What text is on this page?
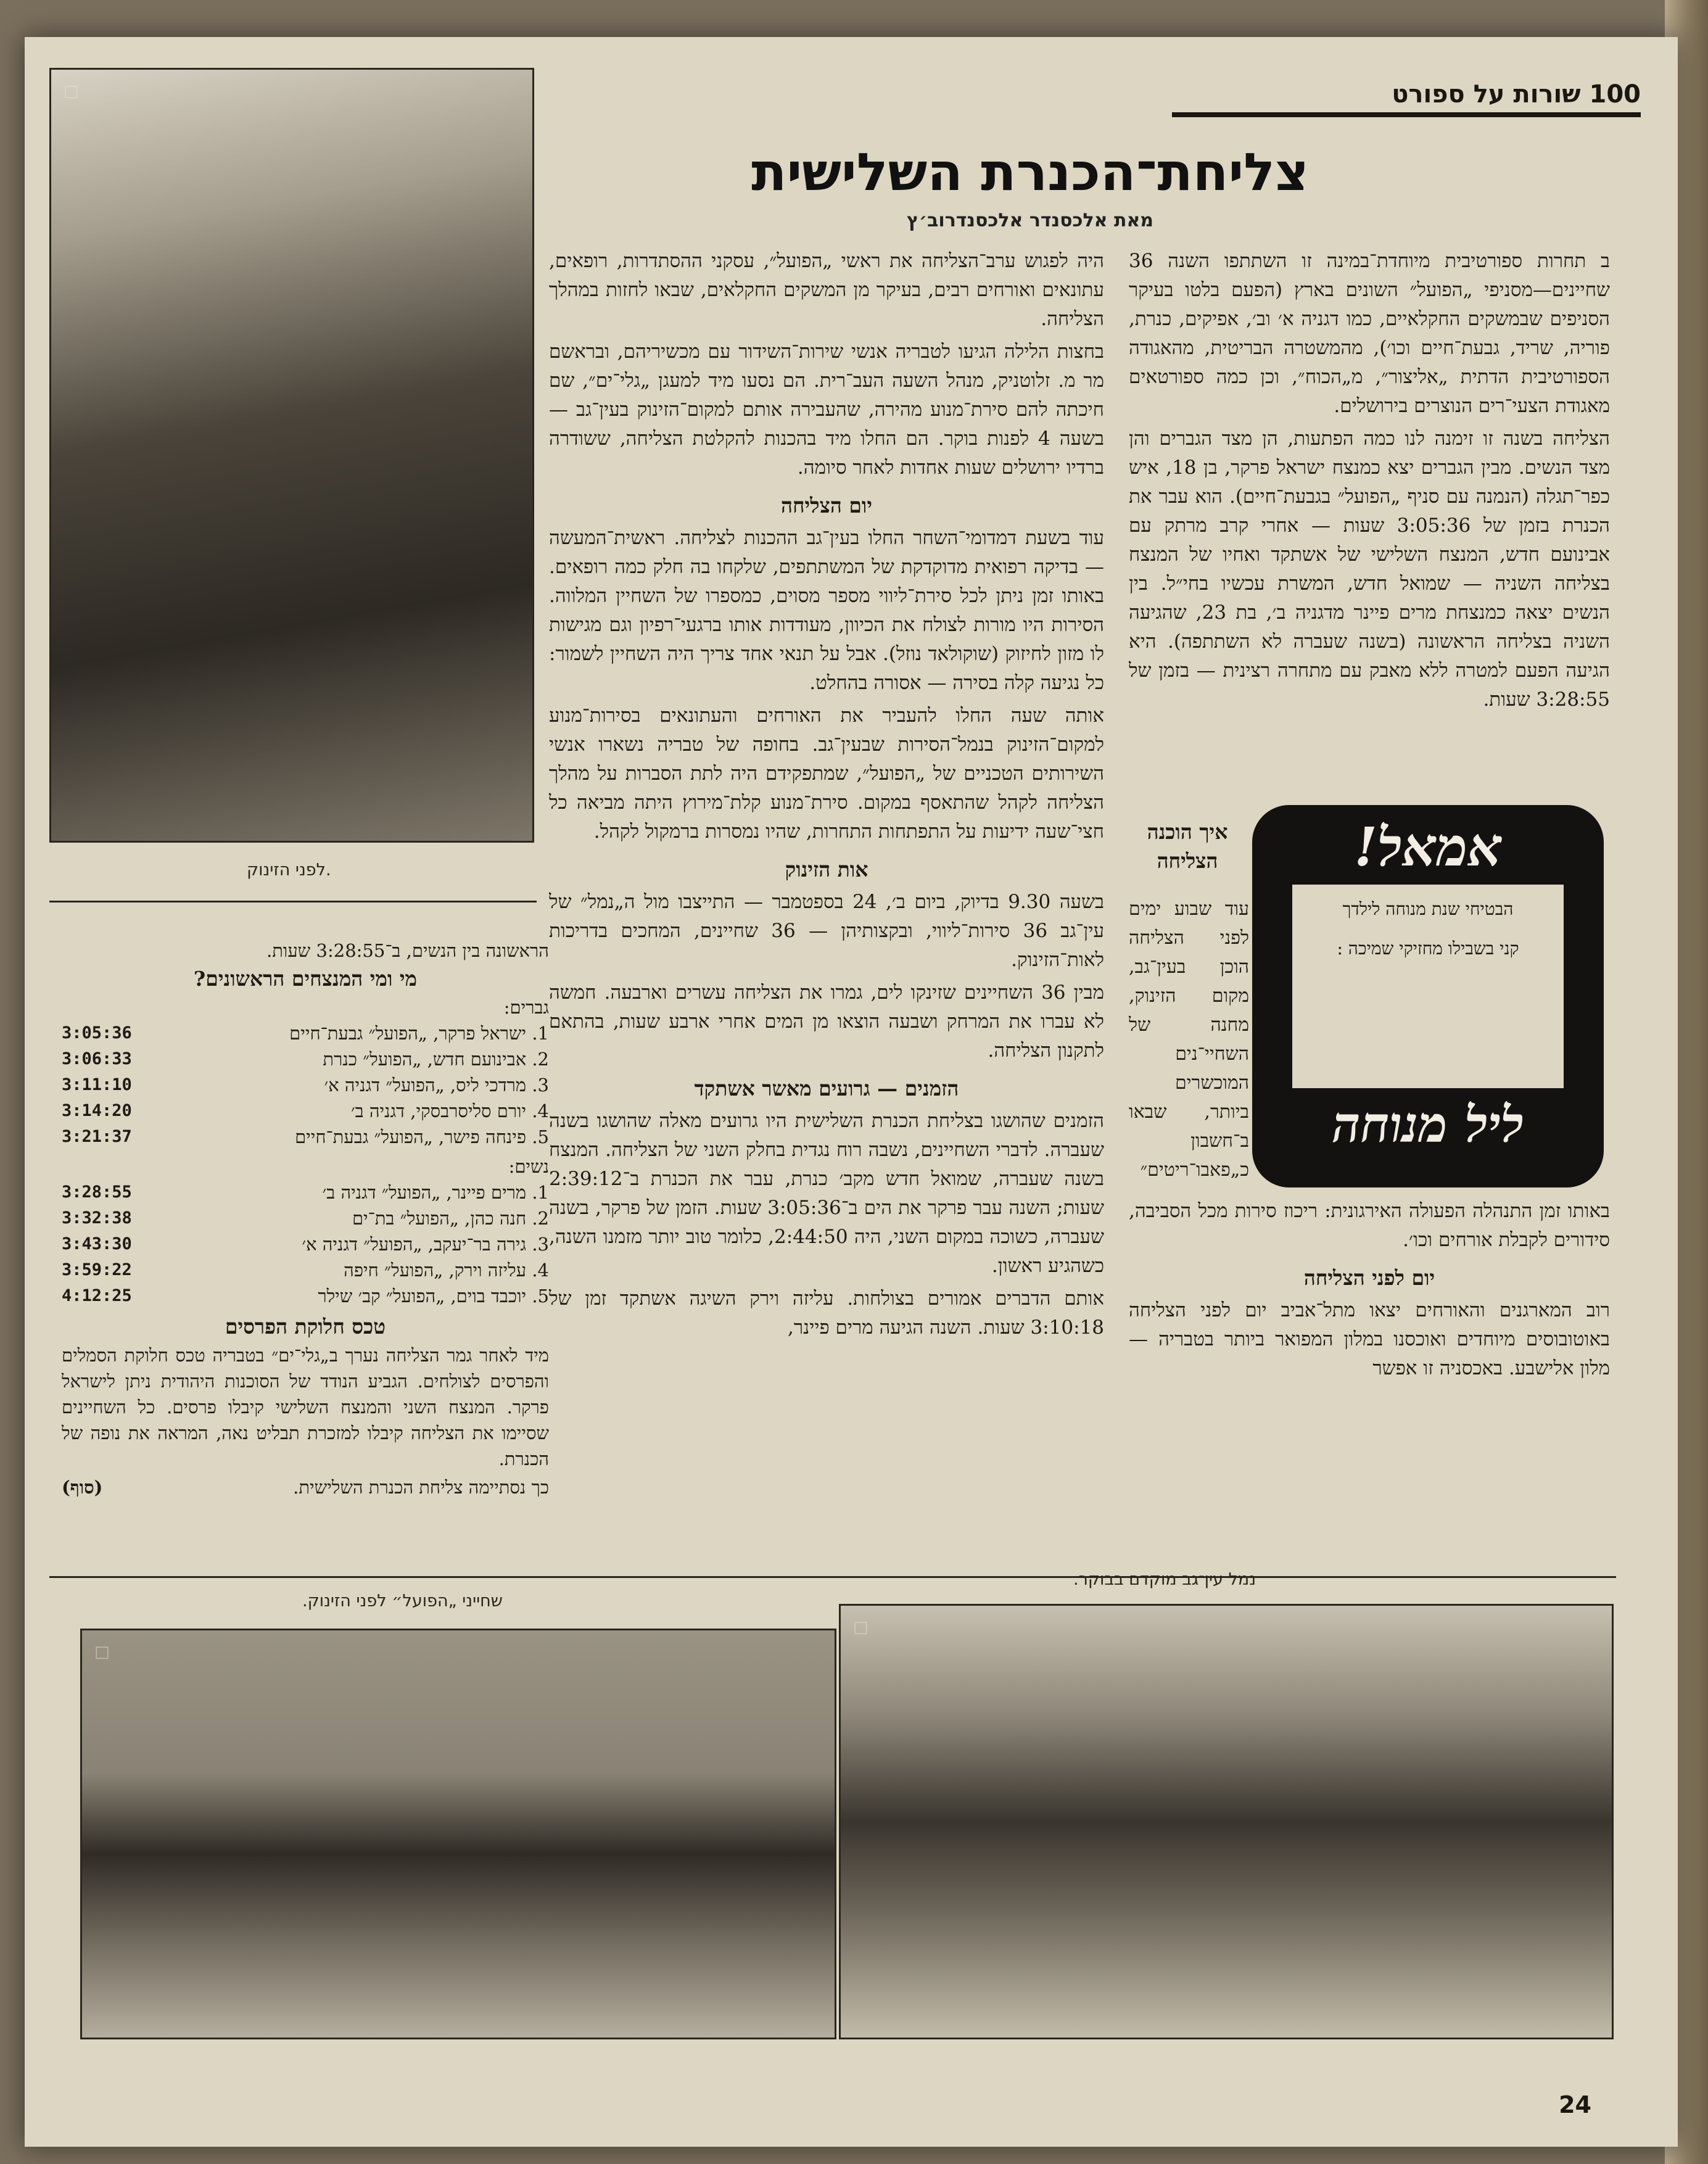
100 שורות על ספורט
צליחת־הכנרת השלישית
מאת אלכסנדר אלכסנדרוב׳ץ
□
לפני הזינוק.

ב תחרות ספורטיבית מיוחדת־במינה זו השתתפו השנה 36 שחיינים—מסניפי „הפועל״ השונים בארץ (הפעם בלטו בעיקר הסניפים שבמשקים החקלאיים, כמו דגניה א׳ וב׳, אפיקים, כנרת, פוריה, שריד, גבעת־חיים וכו׳), מהמשטרה הבריטית, מהאגודה הספורטיבית הדתית „אליצור״, מ„הכוח״, וכן כמה ספורטאים מאגודת הצעי־רים הנוצרים בירושלים.

הצליחה בשנה זו זימנה לנו כמה הפתעות, הן מצד הגברים והן מצד הנשים. מבין הגברים יצא כמנצח ישראל פרקר, בן 18, איש כפר־תגלה (הנמנה עם סניף „הפועל״ בגבעת־חיים). הוא עבר את הכנרת בזמן של 3:05:36 שעות — אחרי קרב מרתק עם אבינועם חדש, המנצח השלישי של אשתקד ואחיו של המנצח בצליחה השניה — שמואל חדש, המשרת עכשיו בחי״ל. בין הנשים יצאה כמנצחת מרים פיינר מדגניה ב׳, בת 23, שהגיעה השניה בצליחה הראשונה (בשנה שעברה לא השתתפה). היא הגיעה הפעם למטרה ללא מאבק עם מתחרה רצינית — בזמן של 3:28:55 שעות.

!אמאל
הבטיחי שנת מנוחה לילדך
קני בשבילו מחזיקי שמיכה :
ליל מנוחה
איך הוכנה הצליחה
עוד שבוע ימים לפני הצליחה הוכן בעין־גב, מקום הזינוק, מחנה של השחיי־נים המוכשרים ביותר, שבאו ב־חשבון כ„פאבו־ריטים״

באותו זמן התנהלה הפעולה האירגונית: ריכוז סירות מכל הסביבה, סידורים לקבלת אורחים וכו׳.

יום לפני הצליחה

רוב המארגנים והאורחים יצאו מתל־אביב יום לפני הצליחה באוטובוסים מיוחדים ואוכסנו במלון המפואר ביותר בטבריה — מלון אלישבע. באכסניה זו אפשר

היה לפגוש ערב־הצליחה את ראשי „הפועל״, עסקני ההסתדרות, רופאים, עתונאים ואורחים רבים, בעיקר מן המשקים החקלאים, שבאו לחזות במהלך הצליחה.

בחצות הלילה הגיעו לטבריה אנשי שירות־השידור עם מכשיריהם, ובראשם מר מ. זלוטניק, מנהל השעה העב־רית. הם נסעו מיד למעגן „גלי־ים״, שם חיכתה להם סירת־מנוע מהירה, שהעבירה אותם למקום־הזינוק בעין־גב — בשעה 4 לפנות בוקר. הם החלו מיד בהכנות להקלטת הצליחה, ששודרה ברדיו ירושלים שעות אחדות לאחר סיומה.

יום הצליחה

עוד בשעת דמדומי־השחר החלו בעין־גב ההכנות לצליחה. ראשית־המעשה — בדיקה רפואית מדוקדקת של המשתתפים, שלקחו בה חלק כמה רופאים. באותו זמן ניתן לכל סירת־ליווי מספר מסוים, כמספרו של השחיין המלווה. הסירות היו מורות לצולח את הכיוון, מעודדות אותו ברגעי־רפיון וגם מגישות לו מזון לחיזוק (שוקולאד נוזל). אבל על תנאי אחד צריך היה השחיין לשמור: כל נגיעה קלה בסירה — אסורה בהחלט.

אותה שעה החלו להעביר את האורחים והעתונאים בסירות־מנוע למקום־הזינוק בנמל־הסירות שבעין־גב. בחופה של טבריה נשארו אנשי השירותים הטכניים של „הפועל״, שמתפקידם היה לתת הסברות על מהלך הצליחה לקהל שהתאסף במקום. סירת־מנוע קלת־מירוץ היתה מביאה כל חצי־שעה ידיעות על התפתחות התחרות, שהיו נמסרות ברמקול לקהל.

אות הזינוק

בשעה 9.30 בדיוק, ביום ב׳, 24 בספטמבר — התייצבו מול ה„נמל״ של עין־גב 36 סירות־ליווי, ובקצותיהן — 36 שחיינים, המחכים בדריכות לאות־הזינוק.

מבין 36 השחיינים שזינקו לים, גמרו את הצליחה עשרים וארבעה. חמשה לא עברו את המרחק ושבעה הוצאו מן המים אחרי ארבע שעות, בהתאם לתקנון הצליחה.

הזמנים — גרועים מאשר אשתקד

הזמנים שהושגו בצליחת הכנרת השלישית היו גרועים מאלה שהושגו בשנה שעברה. לדברי השחיינים, נשבה רוח נגדית בחלק השני של הצליחה. המנצח בשנה שעברה, שמואל חדש מקב׳ כנרת, עבר את הכנרת ב־2:39:12 שעות; השנה עבר פרקר את הים ב־3:05:36 שעות. הזמן של פרקר, בשנה שעברה, כשוכה במקום השני, היה 2:44:50, כלומר טוב יותר מזמנו השנה, כשהגיע ראשון.

אותם הדברים אמורים בצולחות. עליזה וירק השיגה אשתקד זמן של 3:10:18 שעות. השנה הגיעה מרים פיינר,

הראשונה בין הנשים, ב־3:28:55 שעות.

מי ומי המנצחים הראשונים?
גברים:
1. ישראל פרקר, „הפועל״ גבעת־חיים
3:05:36
2. אבינועם חדש, „הפועל״ כנרת
3:06:33
3. מרדכי ליס, „הפועל״ דגניה א׳
3:11:10
4. יורם סליסרבסקי, דגניה ב׳
3:14:20
5. פינחה פישר, „הפועל״ גבעת־חיים
3:21:37
נשים:
1. מרים פיינר, „הפועל״ דגניה ב׳
3:28:55
2. חנה כהן, „הפועל״ בת־ים
3:32:38
3. גירה בר־יעקב, „הפועל״ דגניה א׳
3:43:30
4. עליזה וירק, „הפועל״ חיפה
3:59:22
5. יוכבד בוים, „הפועל״ קב׳ שילר
4:12:25
טכס חלוקת הפרסים

מיד לאחר גמר הצליחה נערך ב„גלי־ים״ בטבריה טכס חלוקת הסמלים והפרסים לצולחים. הגביע הנודד של הסוכנות היהודית ניתן לישראל פרקר. המנצח השני והמנצח השלישי קיבלו פרסים. כל השחיינים שסיימו את הצליחה קיבלו למזכרת תבליט נאה, המראה את נופה של הכנרת.

כך נסתיימה צליחת הכנרת השלישית.
(סוף)

שחייני „הפועל״ לפני הזינוק.
נמל עין־גב מוקדם בבוקר.
□
□
24
